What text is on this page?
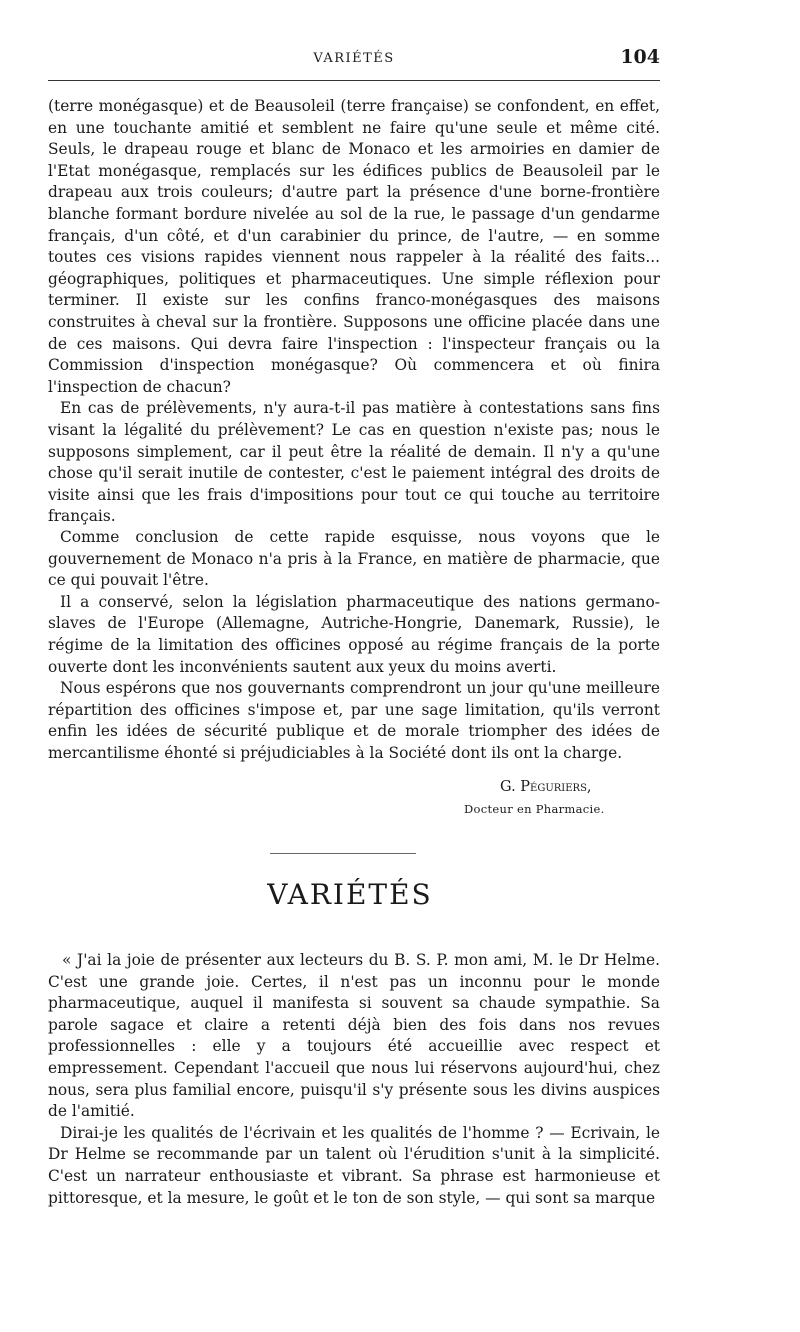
VARIÉTÉS	104

(terre monégasque) et de Beausoleil (terre française) se confondent, en effet, en une touchante amitié et semblent ne faire qu'une seule et même cité. Seuls, le drapeau rouge et blanc de Monaco et les armoiries en damier de l'Etat monégasque, remplacés sur les édifices publics de Beausoleil par le drapeau aux trois couleurs; d'autre part la présence d'une borne-frontière blanche formant bordure nivelée au sol de la rue, le passage d'un gendarme français, d'un côté, et d'un carabinier du prince, de l'autre, — en somme toutes ces visions rapides viennent nous rappeler à la réalité des faits... géographiques, politiques et pharmaceutiques. Une simple réflexion pour terminer. Il existe sur les confins franco-monégasques des maisons construites à cheval sur la frontière. Supposons une officine placée dans une de ces maisons. Qui devra faire l'inspection : l'inspecteur français ou la Commission d'inspection monégasque? Où commencera et où finira l'inspection de chacun?

En cas de prélèvements, n'y aura-t-il pas matière à contestations sans fins visant la légalité du prélèvement? Le cas en question n'existe pas; nous le supposons simplement, car il peut être la réalité de demain. Il n'y a qu'une chose qu'il serait inutile de contester, c'est le paiement intégral des droits de visite ainsi que les frais d'impositions pour tout ce qui touche au territoire français.

Comme conclusion de cette rapide esquisse, nous voyons que le gouvernement de Monaco n'a pris à la France, en matière de pharmacie, que ce qui pouvait l'être.

Il a conservé, selon la législation pharmaceutique des nations germano-slaves de l'Europe (Allemagne, Autriche-Hongrie, Danemark, Russie), le régime de la limitation des officines opposé au régime français de la porte ouverte dont les inconvénients sautent aux yeux du moins averti.

Nous espérons que nos gouvernants comprendront un jour qu'une meilleure répartition des officines s'impose et, par une sage limitation, qu'ils verront enfin les idées de sécurité publique et de morale triompher des idées de mercantilisme éhonté si préjudiciables à la Société dont ils ont la charge.

G. Péguriers,
Docteur en Pharmacie.
VARIÉTÉS

« J'ai la joie de présenter aux lecteurs du B. S. P. mon ami, M. le Dr Helme. C'est une grande joie. Certes, il n'est pas un inconnu pour le monde pharmaceutique, auquel il manifesta si souvent sa chaude sympathie. Sa parole sagace et claire a retenti déjà bien des fois dans nos revues professionnelles : elle y a toujours été accueillie avec respect et empressement. Cependant l'accueil que nous lui réservons aujourd'hui, chez nous, sera plus familial encore, puisqu'il s'y présente sous les divins auspices de l'amitié.

Dirai-je les qualités de l'écrivain et les qualités de l'homme ? — Ecrivain, le Dr Helme se recommande par un talent où l'érudition s'unit à la simplicité. C'est un narrateur enthousiaste et vibrant. Sa phrase est harmonieuse et pittoresque, et la mesure, le goût et le ton de son style, — qui sont sa marque
